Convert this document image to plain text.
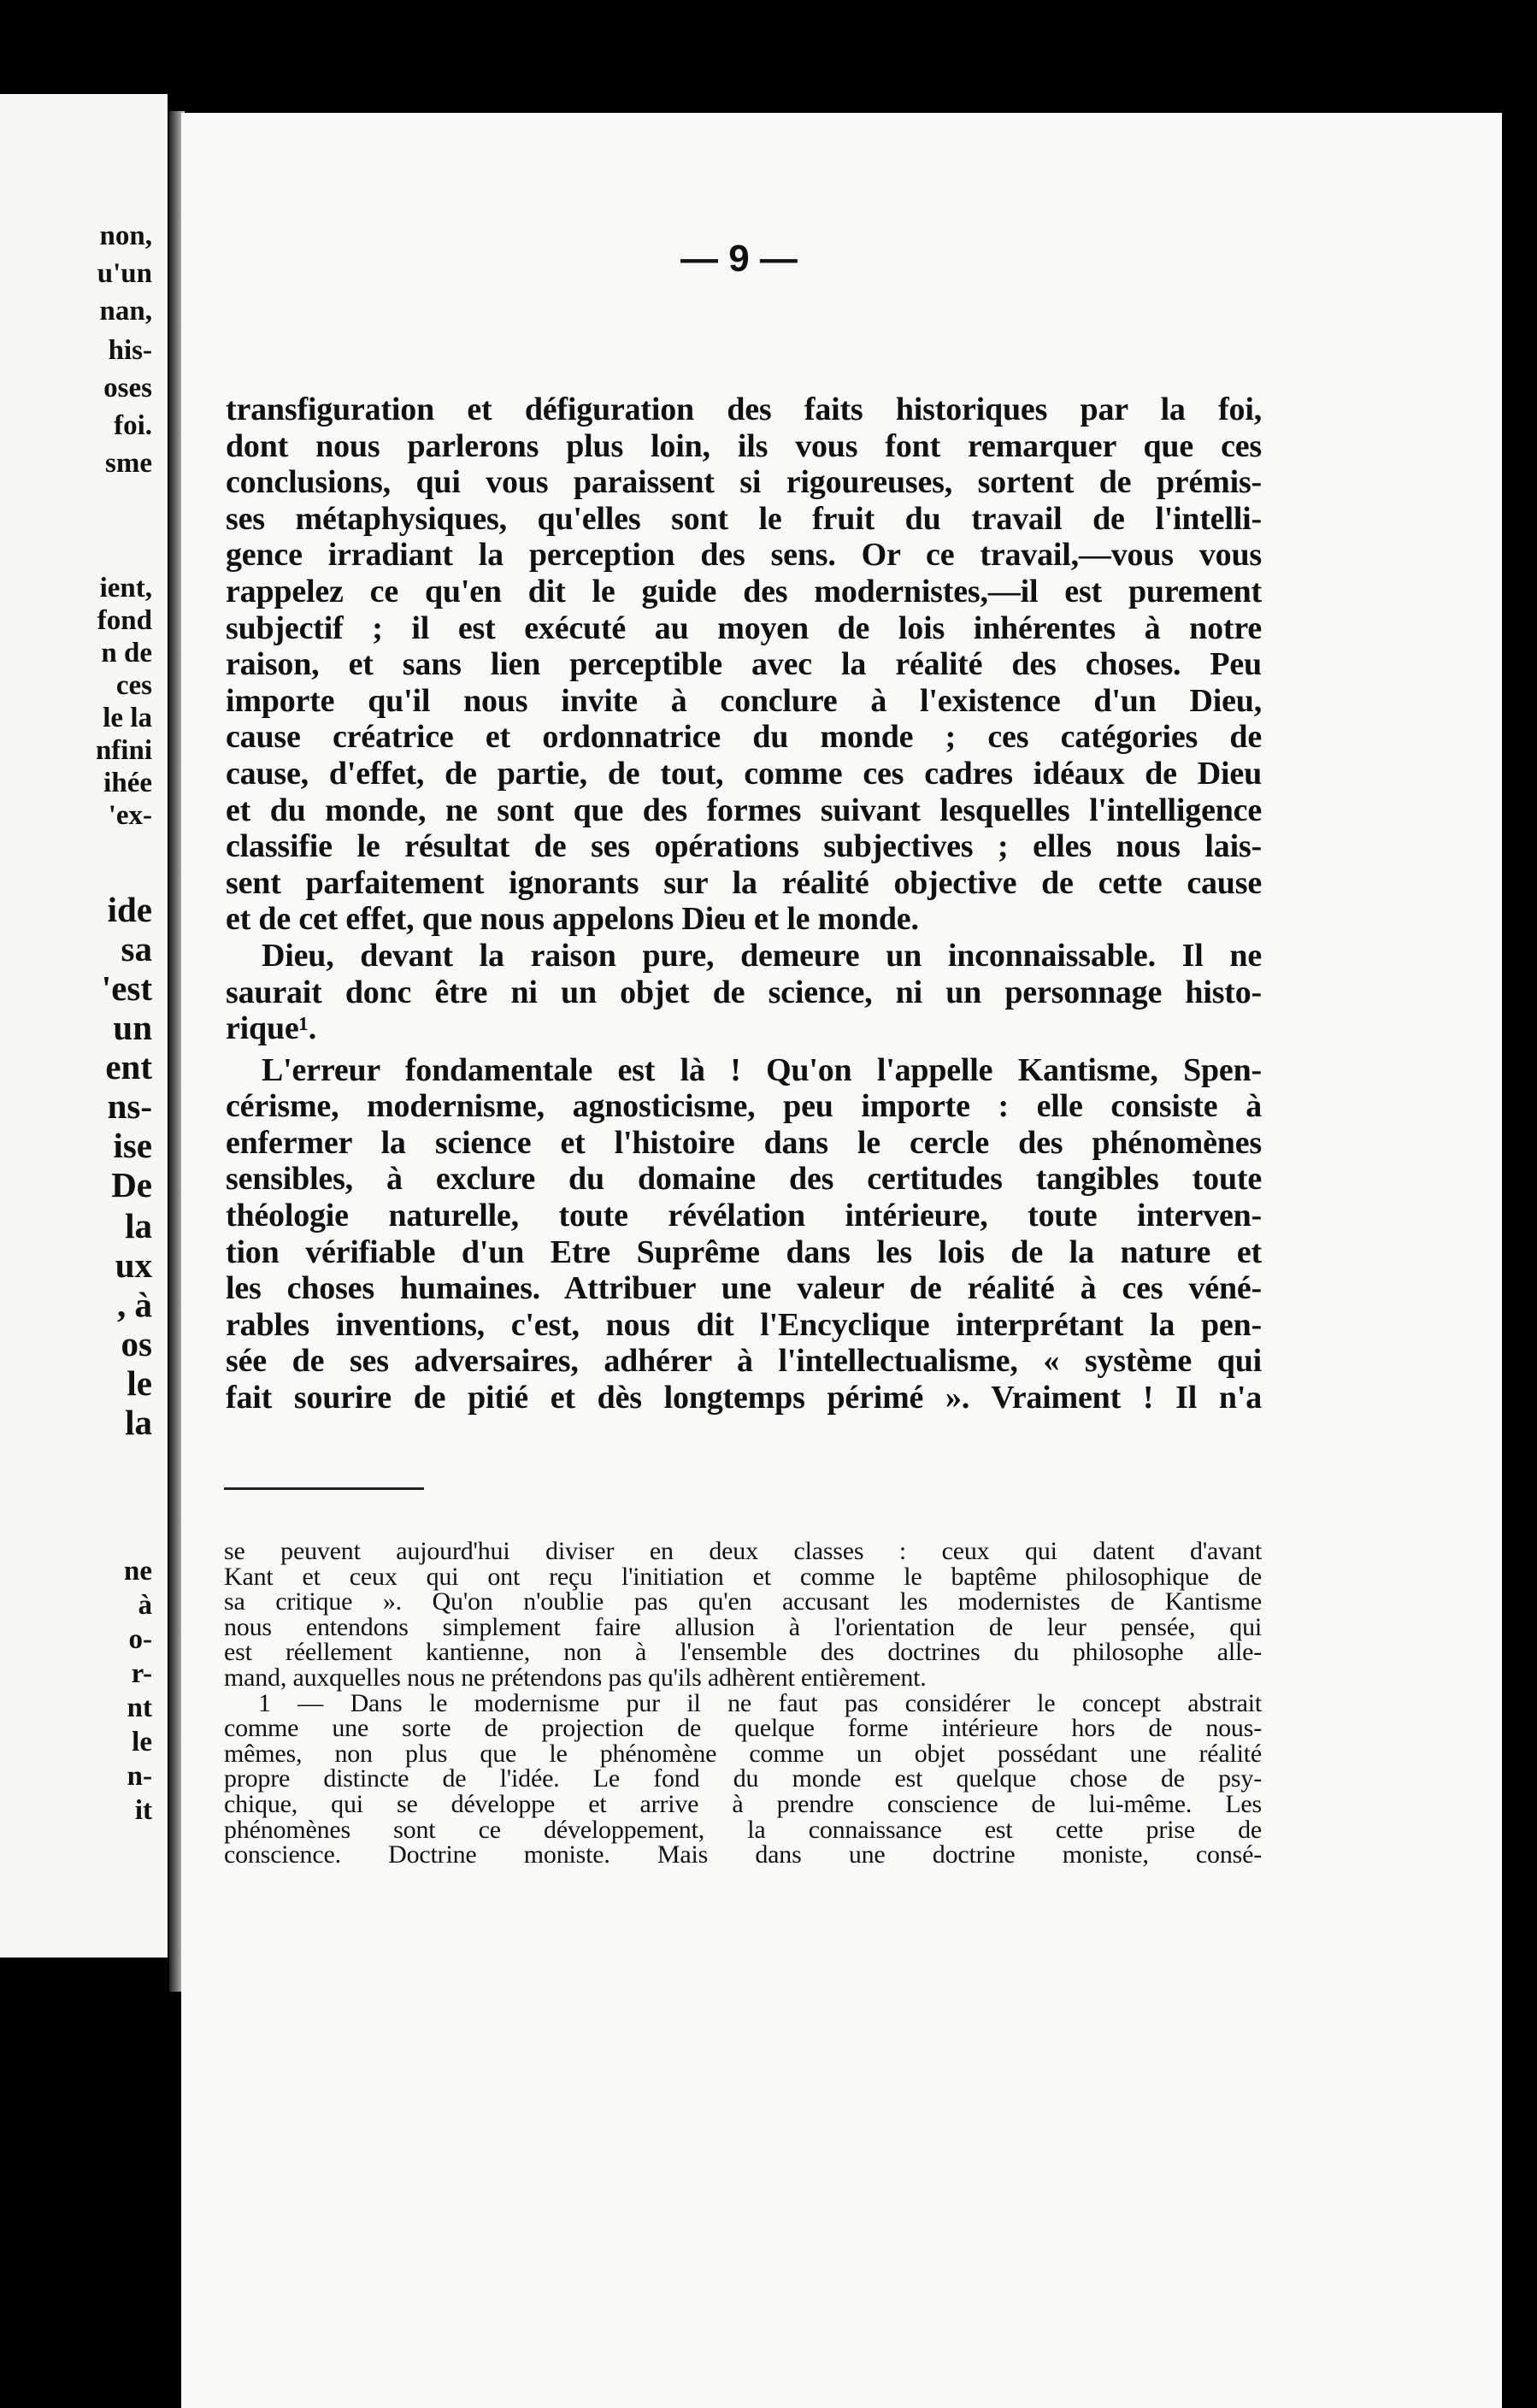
non,
u'un
nan,
his-
oses
foi.
sme
ient,
fond
n de
ces
le la
nfini
ihée
'ex-
ide
sa
'est
un
ent
ns-
ise
De
la
ux
, à
os
le
la
ne
à
o-
r-
nt
le
n-
it
— 9 —
transfiguration et défiguration des faits historiques par la foi,
dont nous parlerons plus loin, ils vous font remarquer que ces
conclusions, qui vous paraissent si rigoureuses, sortent de prémis-
ses métaphysiques, qu'elles sont le fruit du travail de l'intelli-
gence irradiant la perception des sens. Or ce travail,—vous vous
rappelez ce qu'en dit le guide des modernistes,—il est purement
subjectif ; il est exécuté au moyen de lois inhérentes à notre
raison, et sans lien perceptible avec la réalité des choses. Peu
importe qu'il nous invite à conclure à l'existence d'un Dieu,
cause créatrice et ordonnatrice du monde ; ces catégories de
cause, d'effet, de partie, de tout, comme ces cadres idéaux de Dieu
et du monde, ne sont que des formes suivant lesquelles l'intelligence
classifie le résultat de ses opérations subjectives ; elles nous lais-
sent parfaitement ignorants sur la réalité objective de cette cause
et de cet effet, que nous appelons Dieu et le monde.
Dieu, devant la raison pure, demeure un inconnaissable. Il ne
saurait donc être ni un objet de science, ni un personnage histo-
rique¹.
L'erreur fondamentale est là ! Qu'on l'appelle Kantisme, Spen-
cérisme, modernisme, agnosticisme, peu importe : elle consiste à
enfermer la science et l'histoire dans le cercle des phénomènes
sensibles, à exclure du domaine des certitudes tangibles toute
théologie naturelle, toute révélation intérieure, toute interven-
tion vérifiable d'un Etre Suprême dans les lois de la nature et
les choses humaines. Attribuer une valeur de réalité à ces véné-
rables inventions, c'est, nous dit l'Encyclique interprétant la pen-
sée de ses adversaires, adhérer à l'intellectualisme, « système qui
fait sourire de pitié et dès longtemps périmé ». Vraiment ! Il n'a
se peuvent aujourd'hui diviser en deux classes : ceux qui datent d'avant
Kant et ceux qui ont reçu l'initiation et comme le baptême philosophique de
sa critique ». Qu'on n'oublie pas qu'en accusant les modernistes de Kantisme
nous entendons simplement faire allusion à l'orientation de leur pensée, qui
est réellement kantienne, non à l'ensemble des doctrines du philosophe alle-
mand, auxquelles nous ne prétendons pas qu'ils adhèrent entièrement.
1 — Dans le modernisme pur il ne faut pas considérer le concept abstrait
comme une sorte de projection de quelque forme intérieure hors de nous-
mêmes, non plus que le phénomène comme un objet possédant une réalité
propre distincte de l'idée. Le fond du monde est quelque chose de psy-
chique, qui se développe et arrive à prendre conscience de lui-même. Les
phénomènes sont ce développement, la connaissance est cette prise de
conscience. Doctrine moniste. Mais dans une doctrine moniste, consé-
